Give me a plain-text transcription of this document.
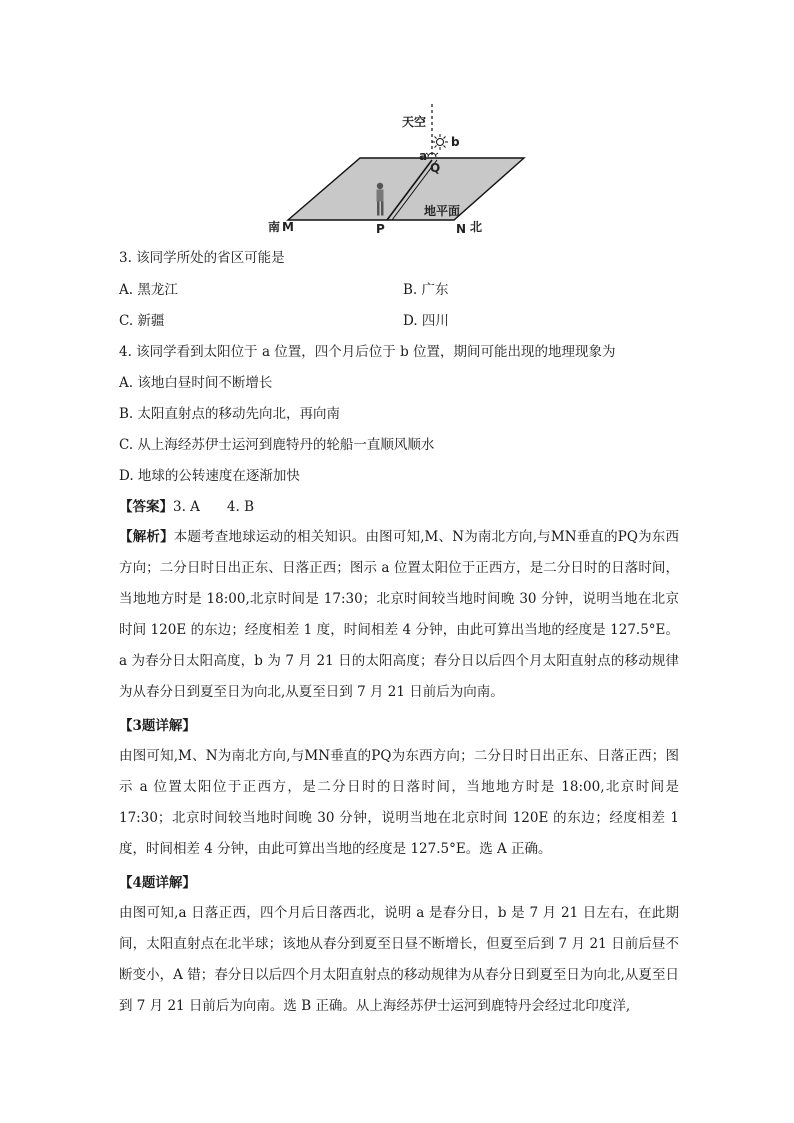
天空
a
b
Q
南 M	P	N 北
地平面
3. 该同学所处的省区可能是
A. 黑龙江	B. 广东
C. 新疆	D. 四川
4. 该同学看到太阳位于 a 位置，四个月后位于 b 位置，期间可能出现的地理现象为
A. 该地白昼时间不断增长
B. 太阳直射点的移动先向北，再向南
C. 从上海经苏伊士运河到鹿特丹的轮船一直顺风顺水
D. 地球的公转速度在逐渐加快
【答案】3. A　　4. B
【解析】本题考查地球运动的相关知识。由图可知,M、N为南北方向,与MN垂直的PQ为东西方向；二分日时日出正东、日落正西；图示 a 位置太阳位于正西方，是二分日时的日落时间，当地地方时是 18:00,北京时间是 17:30；北京时间较当地时间晚 30 分钟，说明当地在北京时间 120E 的东边；经度相差 1 度，时间相差 4 分钟，由此可算出当地的经度是 127.5°E。a 为春分日太阳高度，b 为 7 月 21 日的太阳高度；春分日以后四个月太阳直射点的移动规律为从春分日到夏至日为向北,从夏至日到 7 月 21 日前后为向南。
【3题详解】
由图可知,M、N为南北方向,与MN垂直的PQ为东西方向；二分日时日出正东、日落正西；图示 a 位置太阳位于正西方，是二分日时的日落时间，当地地方时是 18:00,北京时间是 17:30；北京时间较当地时间晚 30 分钟，说明当地在北京时间 120E 的东边；经度相差 1 度，时间相差 4 分钟，由此可算出当地的经度是 127.5°E。选 A 正确。
【4题详解】
由图可知,a 日落正西，四个月后日落西北，说明 a 是春分日，b 是 7 月 21 日左右，在此期间，太阳直射点在北半球；该地从春分到夏至日昼不断增长，但夏至后到 7 月 21 日前后昼不断变小，A 错；春分日以后四个月太阳直射点的移动规律为从春分日到夏至日为向北,从夏至日到 7 月 21 日前后为向南。选 B 正确。从上海经苏伊士运河到鹿特丹会经过北印度洋,
